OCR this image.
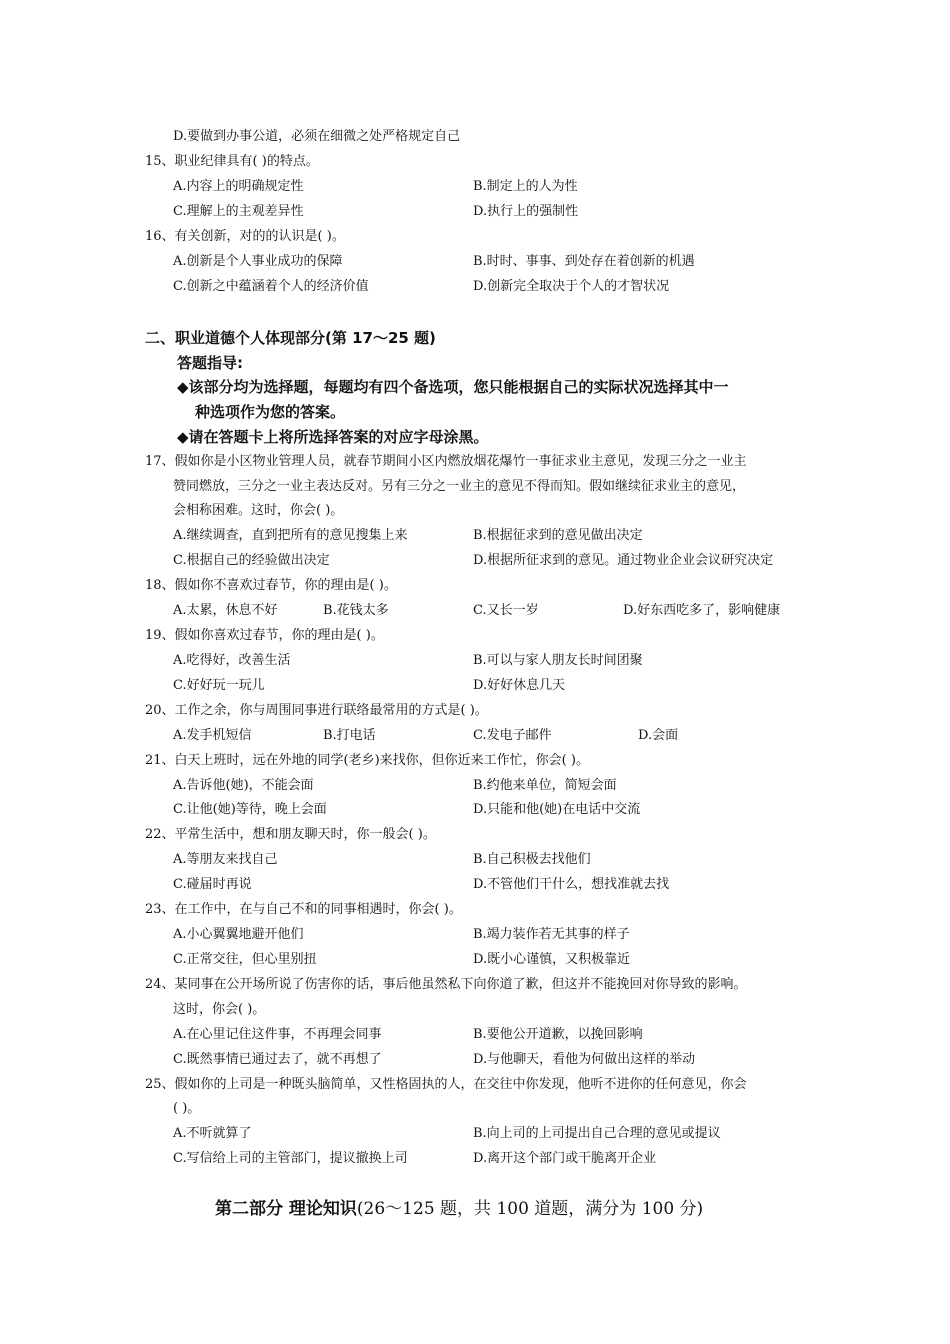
D.要做到办事公道，必须在细微之处严格规定自己
15、职业纪律具有( )的特点。
A.内容上的明确规定性	B.制定上的人为性
C.理解上的主观差异性	D.执行上的强制性
16、有关创新，对的的认识是( )。
A.创新是个人事业成功的保障	B.时时、事事、到处存在着创新的机遇
C.创新之中蕴涵着个人的经济价值	D.创新完全取决于个人的才智状况
二、职业道德个人体现部分(第 17～25 题)
答题指导:
◆该部分均为选择题，每题均有四个备选项，您只能根据自己的实际状况选择其中一
种选项作为您的答案。
◆请在答题卡上将所选择答案的对应字母涂黑。
17、假如你是小区物业管理人员，就春节期间小区内燃放烟花爆竹一事征求业主意见，发现三分之一业主
赞同燃放，三分之一业主表达反对。另有三分之一业主的意见不得而知。假如继续征求业主的意见，
会相称困难。这时，你会( )。
A.继续调查，直到把所有的意见搜集上来	B.根据征求到的意见做出决定
C.根据自己的经验做出决定	D.根据所征求到的意见。通过物业企业会议研究决定
18、假如你不喜欢过春节，你的理由是( )。
A.太累，休息不好	B.花钱太多	C.又长一岁	D.好东西吃多了，影响健康
19、假如你喜欢过春节，你的理由是( )。
A.吃得好，改善生活	B.可以与家人朋友长时间团聚
C.好好玩一玩儿	D.好好休息几天
20、工作之余，你与周围同事进行联络最常用的方式是( )。
A.发手机短信	B.打电话	C.发电子邮件	D.会面
21、白天上班时，远在外地的同学(老乡)来找你，但你近来工作忙，你会( )。
A.告诉他(她)，不能会面	B.约他来单位，简短会面
C.让他(她)等待，晚上会面	D.只能和他(她)在电话中交流
22、平常生活中，想和朋友聊天时，你一般会( )。
A.等朋友来找自己	B.自己积极去找他们
C.碰届时再说	D.不管他们干什么，想找准就去找
23、在工作中，在与自己不和的同事相遇时，你会( )。
A.小心翼翼地避开他们	B.竭力装作若无其事的样子
C.正常交往，但心里别扭	D.既小心谨慎，又积极靠近
24、某同事在公开场所说了伤害你的话，事后他虽然私下向你道了歉，但这并不能挽回对你导致的影响。
这时，你会( )。
A.在心里记住这件事，不再理会同事	B.要他公开道歉，以挽回影响
C.既然事情已通过去了，就不再想了	D.与他聊天，看他为何做出这样的举动
25、假如你的上司是一种既头脑简单，又性格固执的人，在交往中你发现，他听不进你的任何意见，你会
( )。
A.不听就算了	B.向上司的上司提出自己合理的意见或提议
C.写信给上司的主管部门，提议撤换上司	D.离开这个部门或干脆离开企业
第二部分 理论知识(26～125 题，共 100 道题，满分为 100 分)
